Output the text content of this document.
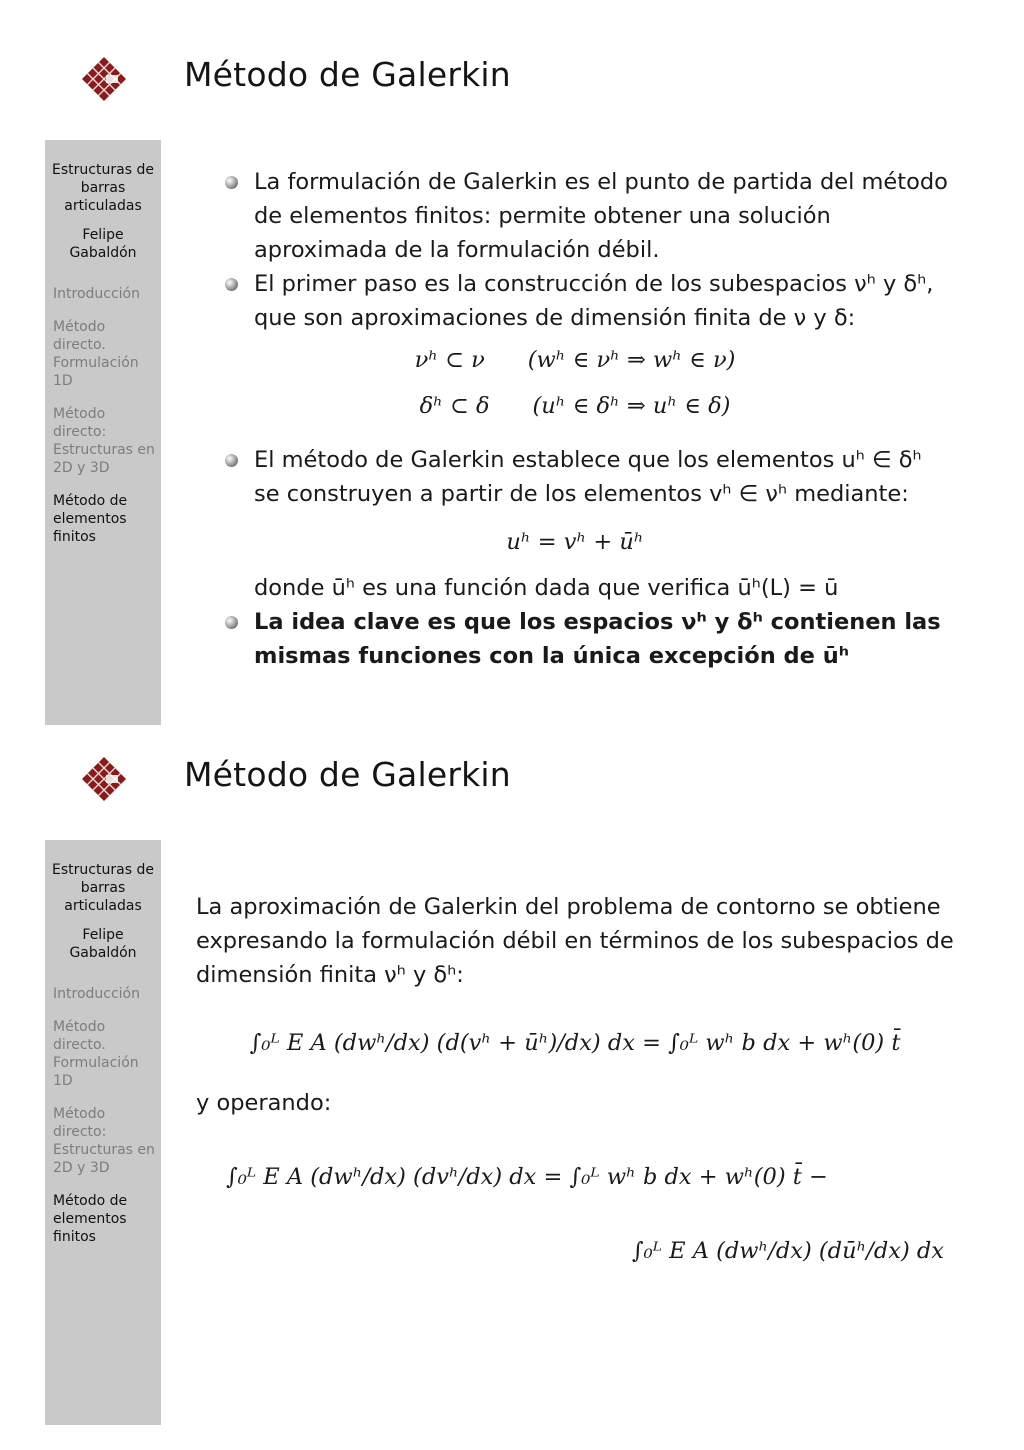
Método de Galerkin
Estructuras de barras articuladas
Felipe Gabaldón
Introducción
Método directo. Formulación 1D
Método directo: Estructuras en 2D y 3D
Método de elementos finitos
La formulación de Galerkin es el punto de partida del método de elementos finitos: permite obtener una solución aproximada de la formulación débil.
El primer paso es la construcción de los subespacios νʰ y δʰ, que son aproximaciones de dimensión finita de ν y δ:
νʰ ⊂ ν      (wʰ ∈ νʰ ⇒ wʰ ∈ ν)
δʰ ⊂ δ      (uʰ ∈ δʰ ⇒ uʰ ∈ δ)
El método de Galerkin establece que los elementos uʰ ∈ δʰ se construyen a partir de los elementos vʰ ∈ νʰ mediante:
uʰ = vʰ + ūʰ
donde ūʰ es una función dada que verifica ūʰ(L) = ū
La idea clave es que los espacios νʰ y δʰ contienen las mismas funciones con la única excepción de ūʰ
Método de Galerkin
Estructuras de barras articuladas
Felipe Gabaldón
Introducción
Método directo. Formulación 1D
Método directo: Estructuras en 2D y 3D
Método de elementos finitos

La aproximación de Galerkin del problema de contorno se obtiene expresando la formulación débil en términos de los subespacios de dimensión finita νʰ y δʰ:

∫₀ᴸ E A (dwʰ/dx) (d(vʰ + ūʰ)/dx) dx = ∫₀ᴸ wʰ b dx + wʰ(0) t̄

y operando:

∫₀ᴸ E A (dwʰ/dx) (dvʰ/dx) dx = ∫₀ᴸ wʰ b dx + wʰ(0) t̄ −
∫₀ᴸ E A (dwʰ/dx) (dūʰ/dx) dx
